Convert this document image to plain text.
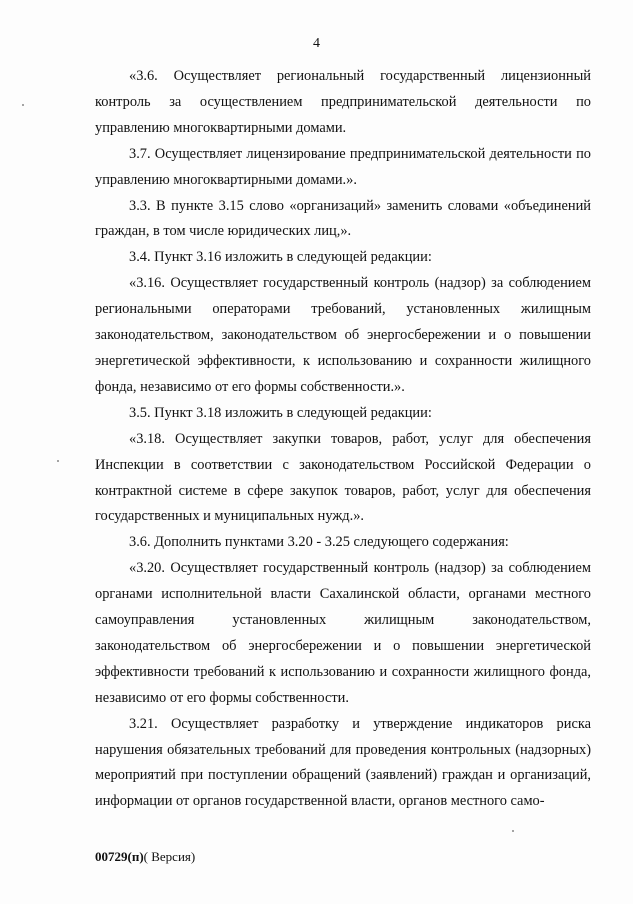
4

«3.6. Осуществляет региональный государственный лицензионный контроль за осуществлением предпринимательской деятельности по управлению многоквартирными домами.

3.7. Осуществляет лицензирование предпринимательской деятельности по управлению многоквартирными домами.».

3.3. В пункте 3.15 слово «организаций» заменить словами «объединений граждан, в том числе юридических лиц,».

3.4. Пункт 3.16 изложить в следующей редакции:

«3.16. Осуществляет государственный контроль (надзор) за соблюдением региональными операторами требований, установленных жилищным законодательством, законодательством об энергосбережении и о повышении энергетической эффективности, к использованию и сохранности жилищного фонда, независимо от его формы собственности.».

3.5. Пункт 3.18 изложить в следующей редакции:

«3.18. Осуществляет закупки товаров, работ, услуг для обеспечения Инспекции в соответствии с законодательством Российской Федерации о контрактной системе в сфере закупок товаров, работ, услуг для обеспечения государственных и муниципальных нужд.».

3.6. Дополнить пунктами 3.20 - 3.25 следующего содержания:

«3.20. Осуществляет государственный контроль (надзор) за соблюдением органами исполнительной власти Сахалинской области, органами местного самоуправления установленных жилищным законодательством, законодательством об энергосбережении и о повышении энергетической эффективности требований к использованию и сохранности жилищного фонда, независимо от его формы собственности.

3.21. Осуществляет разработку и утверждение индикаторов риска нарушения обязательных требований для проведения контрольных (надзорных) мероприятий при поступлении обращений (заявлений) граждан и организаций, информации от органов государственной власти, органов местного само-

00729(п)( Версия)
